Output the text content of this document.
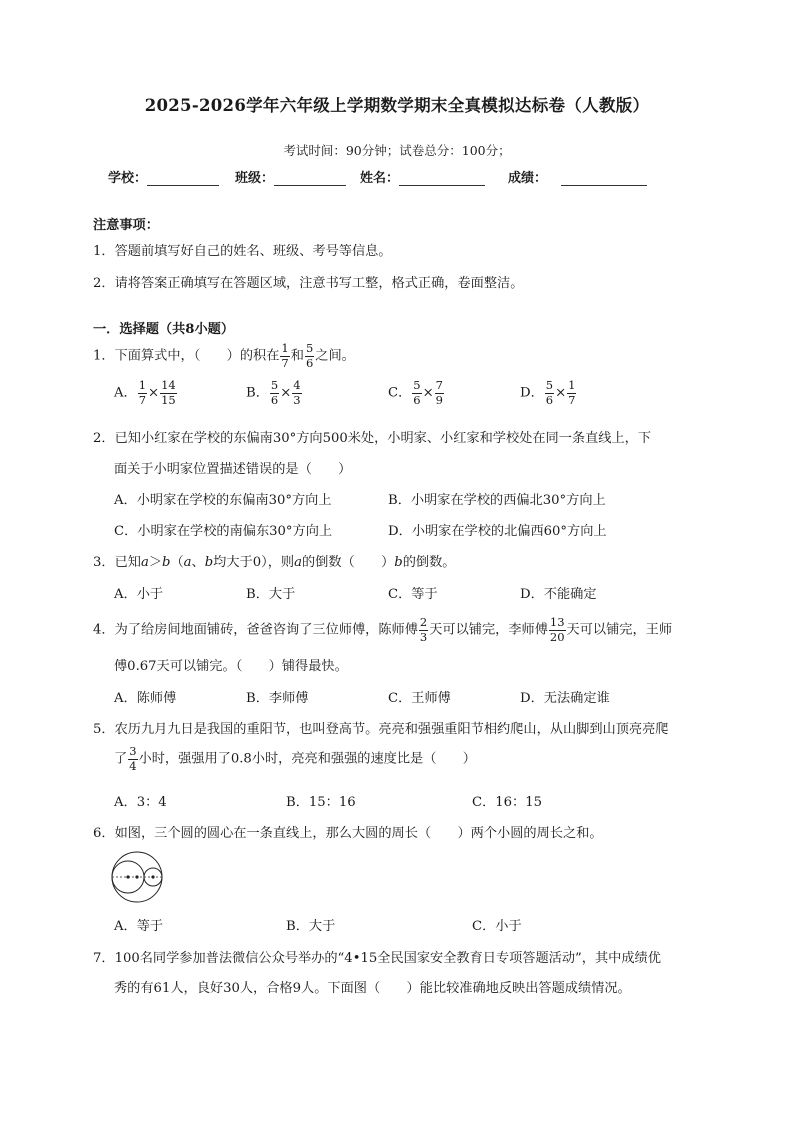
2025-2026学年六年级上学期数学期末全真模拟达标卷（人教版）
考试时间：90分钟；试卷总分：100分；
学校：	班级：	姓名：	成绩：
注意事项：
1．答题前填写好自己的姓名、班级、考号等信息。
2．请将答案正确填写在答题区域，注意书写工整，格式正确，卷面整洁。
一．选择题（共8小题）
1．下面算式中，（　　）的积在 $\frac{1}{7}$ 和 $\frac{5}{6}$ 之间。
A． $\frac{1}{7} \times \frac{14}{15}$	B． $\frac{5}{6} \times \frac{4}{3}$	C． $\frac{5}{6} \times \frac{7}{9}$	D． $\frac{5}{6} \times \frac{1}{7}$
2．已知小红家在学校的东偏南30°方向500米处，小明家、小红家和学校处在同一条直线上，下
面关于小明家位置描述错误的是（　　）
A．小明家在学校的东偏南30°方向上	B．小明家在学校的西偏北30°方向上
C．小明家在学校的南偏东30°方向上	D．小明家在学校的北偏西60°方向上
3．已知a＞b（a、b均大于0），则a的倒数（　　）b的倒数。
A．小于	B．大于	C．等于	D．不能确定
4．为了给房间地面铺砖，爸爸咨询了三位师傅，陈师傅 $\frac{2}{3}$ 天可以铺完，李师傅 $\frac{13}{20}$ 天可以铺完，王师
傅0.67天可以铺完。（　　）铺得最快。
A．陈师傅	B．李师傅	C．王师傅	D．无法确定谁
5．农历九月九日是我国的重阳节，也叫登高节。亮亮和强强重阳节相约爬山，从山脚到山顶亮亮爬
了 $\frac{3}{4}$ 小时，强强用了0.8小时，亮亮和强强的速度比是（　　）
A．3：4	B．15：16	C．16：15
6．如图，三个圆的圆心在一条直线上，那么大圆的周长（　　）两个小圆的周长之和。
A．等于	B．大于	C．小于
7．100名同学参加普法微信公众号举办的“4•15全民国家安全教育日专项答题活动”，其中成绩优
秀的有61人，良好30人，合格9人。下面图（　　）能比较准确地反映出答题成绩情况。
